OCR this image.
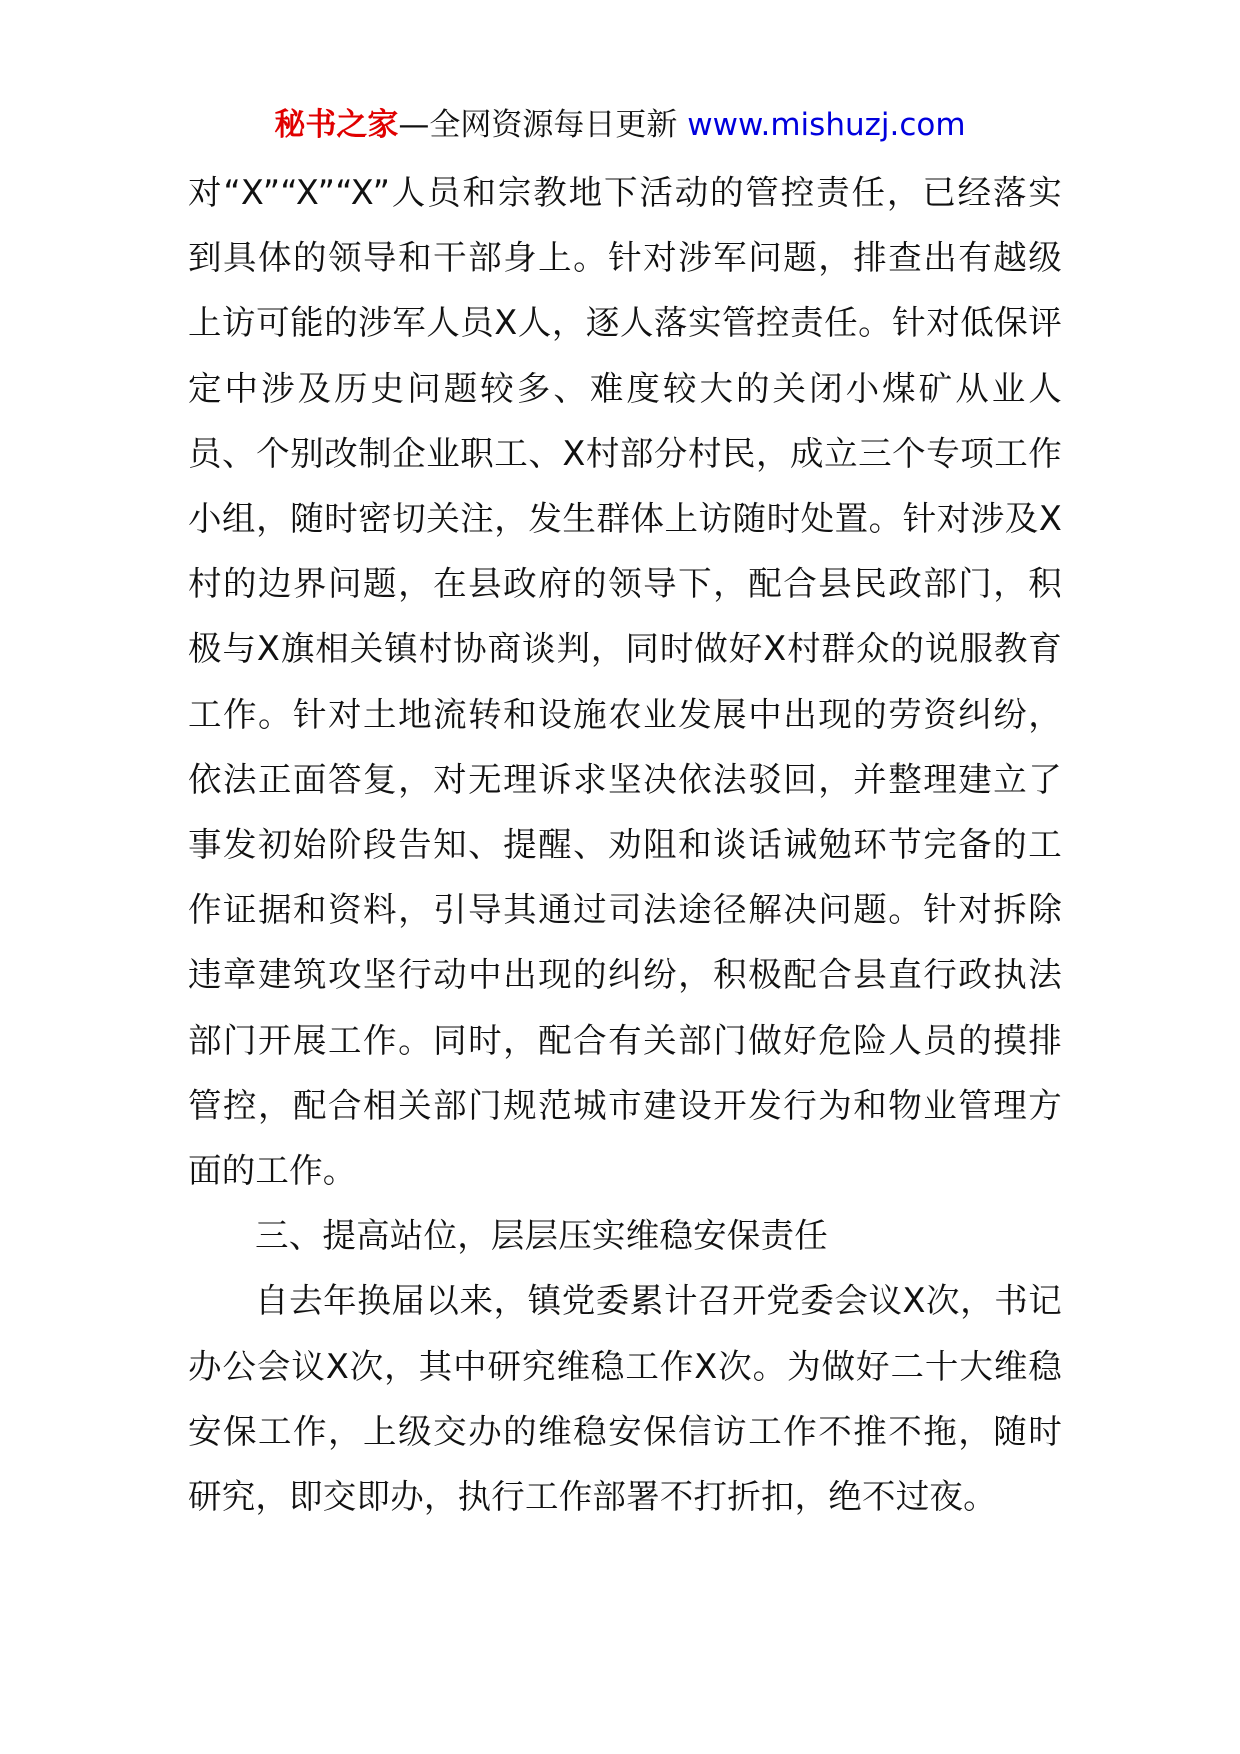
秘书之家—全网资源每日更新 www.mishuzj.com

对“X”“X”“X”人员和宗教地下活动的管控责任，已经落实到具体的领导和干部身上。针对涉军问题，排查出有越级上访可能的涉军人员X人，逐人落实管控责任。针对低保评定中涉及历史问题较多、难度较大的关闭小煤矿从业人员、个别改制企业职工、X村部分村民，成立三个专项工作小组，随时密切关注，发生群体上访随时处置。针对涉及X村的边界问题，在县政府的领导下，配合县民政部门，积极与X旗相关镇村协商谈判，同时做好X村群众的说服教育工作。针对土地流转和设施农业发展中出现的劳资纠纷，依法正面答复，对无理诉求坚决依法驳回，并整理建立了事发初始阶段告知、提醒、劝阻和谈话诫勉环节完备的工作证据和资料，引导其通过司法途径解决问题。针对拆除违章建筑攻坚行动中出现的纠纷，积极配合县直行政执法部门开展工作。同时，配合有关部门做好危险人员的摸排管控，配合相关部门规范城市建设开发行为和物业管理方面的工作。

三、提高站位，层层压实维稳安保责任

自去年换届以来，镇党委累计召开党委会议X次，书记办公会议X次，其中研究维稳工作X次。为做好二十大维稳安保工作，上级交办的维稳安保信访工作不推不拖，随时研究，即交即办，执行工作部署不打折扣，绝不过夜。
